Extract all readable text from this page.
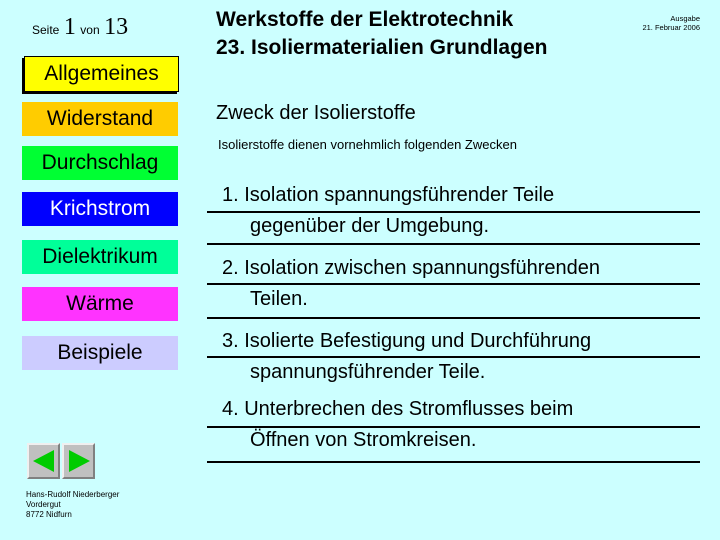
Seite 1 von 13
Allgemeines
Widerstand
Durchschlag
Krichstrom
Dielektrikum
Wärme
Beispiele
Hans-Rudolf Niederberger
Vordergut
8772 Nidfurn
Werkstoffe der Elektrotechnik
23. Isoliermaterialien Grundlagen
Ausgabe
21. Februar 2006
Zweck der Isolierstoffe
Isolierstoffe dienen vornehmlich folgenden Zwecken
1. Isolation spannungsführender Teile
gegenüber der Umgebung.
2. Isolation zwischen spannungsführenden
Teilen.
3. Isolierte Befestigung und Durchführung
spannungsführender Teile.
4. Unterbrechen des Stromflusses beim
Öffnen von Stromkreisen.
